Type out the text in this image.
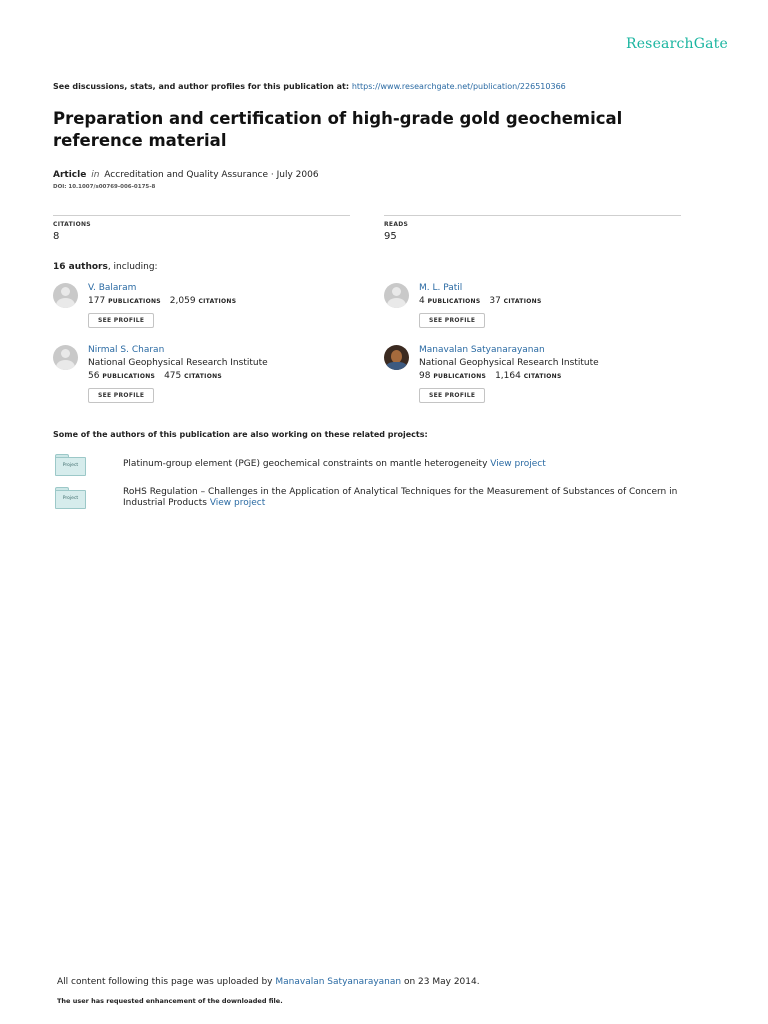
ResearchGate
See discussions, stats, and author profiles for this publication at: https://www.researchgate.net/publication/226510366
Preparation and certification of high-grade gold geochemical reference material
Article in Accreditation and Quality Assurance · July 2006
DOI: 10.1007/s00769-006-0175-8
CITATIONS
8
READS
95
16 authors, including:
V. Balaram
177 PUBLICATIONS 2,059 CITATIONS
SEE PROFILE
M. L. Patil
4 PUBLICATIONS 37 CITATIONS
SEE PROFILE
Nirmal S. Charan
National Geophysical Research Institute
56 PUBLICATIONS 475 CITATIONS
SEE PROFILE
Manavalan Satyanarayanan
National Geophysical Research Institute
98 PUBLICATIONS 1,164 CITATIONS
SEE PROFILE
Some of the authors of this publication are also working on these related projects:
Project	Platinum-group element (PGE) geochemical constraints on mantle heterogeneity View project
Project
RoHS Regulation – Challenges in the Application of Analytical Techniques for the Measurement of Substances of Concern in Industrial Products View project
All content following this page was uploaded by Manavalan Satyanarayanan on 23 May 2014.
The user has requested enhancement of the downloaded file.
